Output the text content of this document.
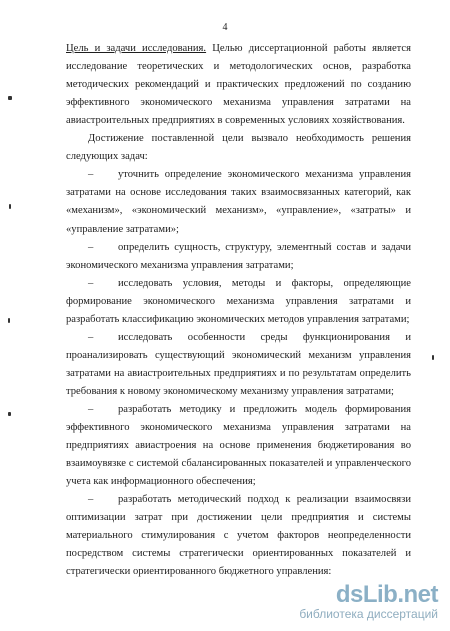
4
Цель и задачи исследования. Целью диссертационной работы является
исследование теоретических и методологических основ, разработка
методических рекомендаций и практических предложений по созданию
эффективного экономического механизма управления затратами на
авиастроительных предприятиях в современных условиях хозяйствования.
Достижение поставленной цели вызвало необходимость решения
следующих задач:
– уточнить определение экономического механизма управления
затратами на основе исследования таких взаимосвязанных категорий, как
«механизм», «экономический механизм», «управление», «затраты» и
«управление затратами»;
– определить сущность, структуру, элементный состав и задачи
экономического механизма управления затратами;
– исследовать условия, методы и факторы, определяющие
формирование экономического механизма управления затратами и
разработать классификацию экономических методов управления затратами;
– исследовать особенности среды функционирования и
проанализировать существующий экономический механизм управления
затратами на авиастроительных предприятиях и по результатам определить
требования к новому экономическому механизму управления затратами;
– разработать методику и предложить модель формирования
эффективного экономического механизма управления затратами на
предприятиях авиастроения на основе применения бюджетирования во
взаимоувязке с системой сбалансированных показателей и управленческого
учета как информационного обеспечения;
– разработать методический подход к реализации взаимосвязи
оптимизации затрат при достижении цели предприятия и системы
материального стимулирования с учетом факторов неопределенности
посредством системы стратегически ориентированных показателей и
стратегически ориентированного бюджетного управления:
dsLib.net
библиотека диссертаций
